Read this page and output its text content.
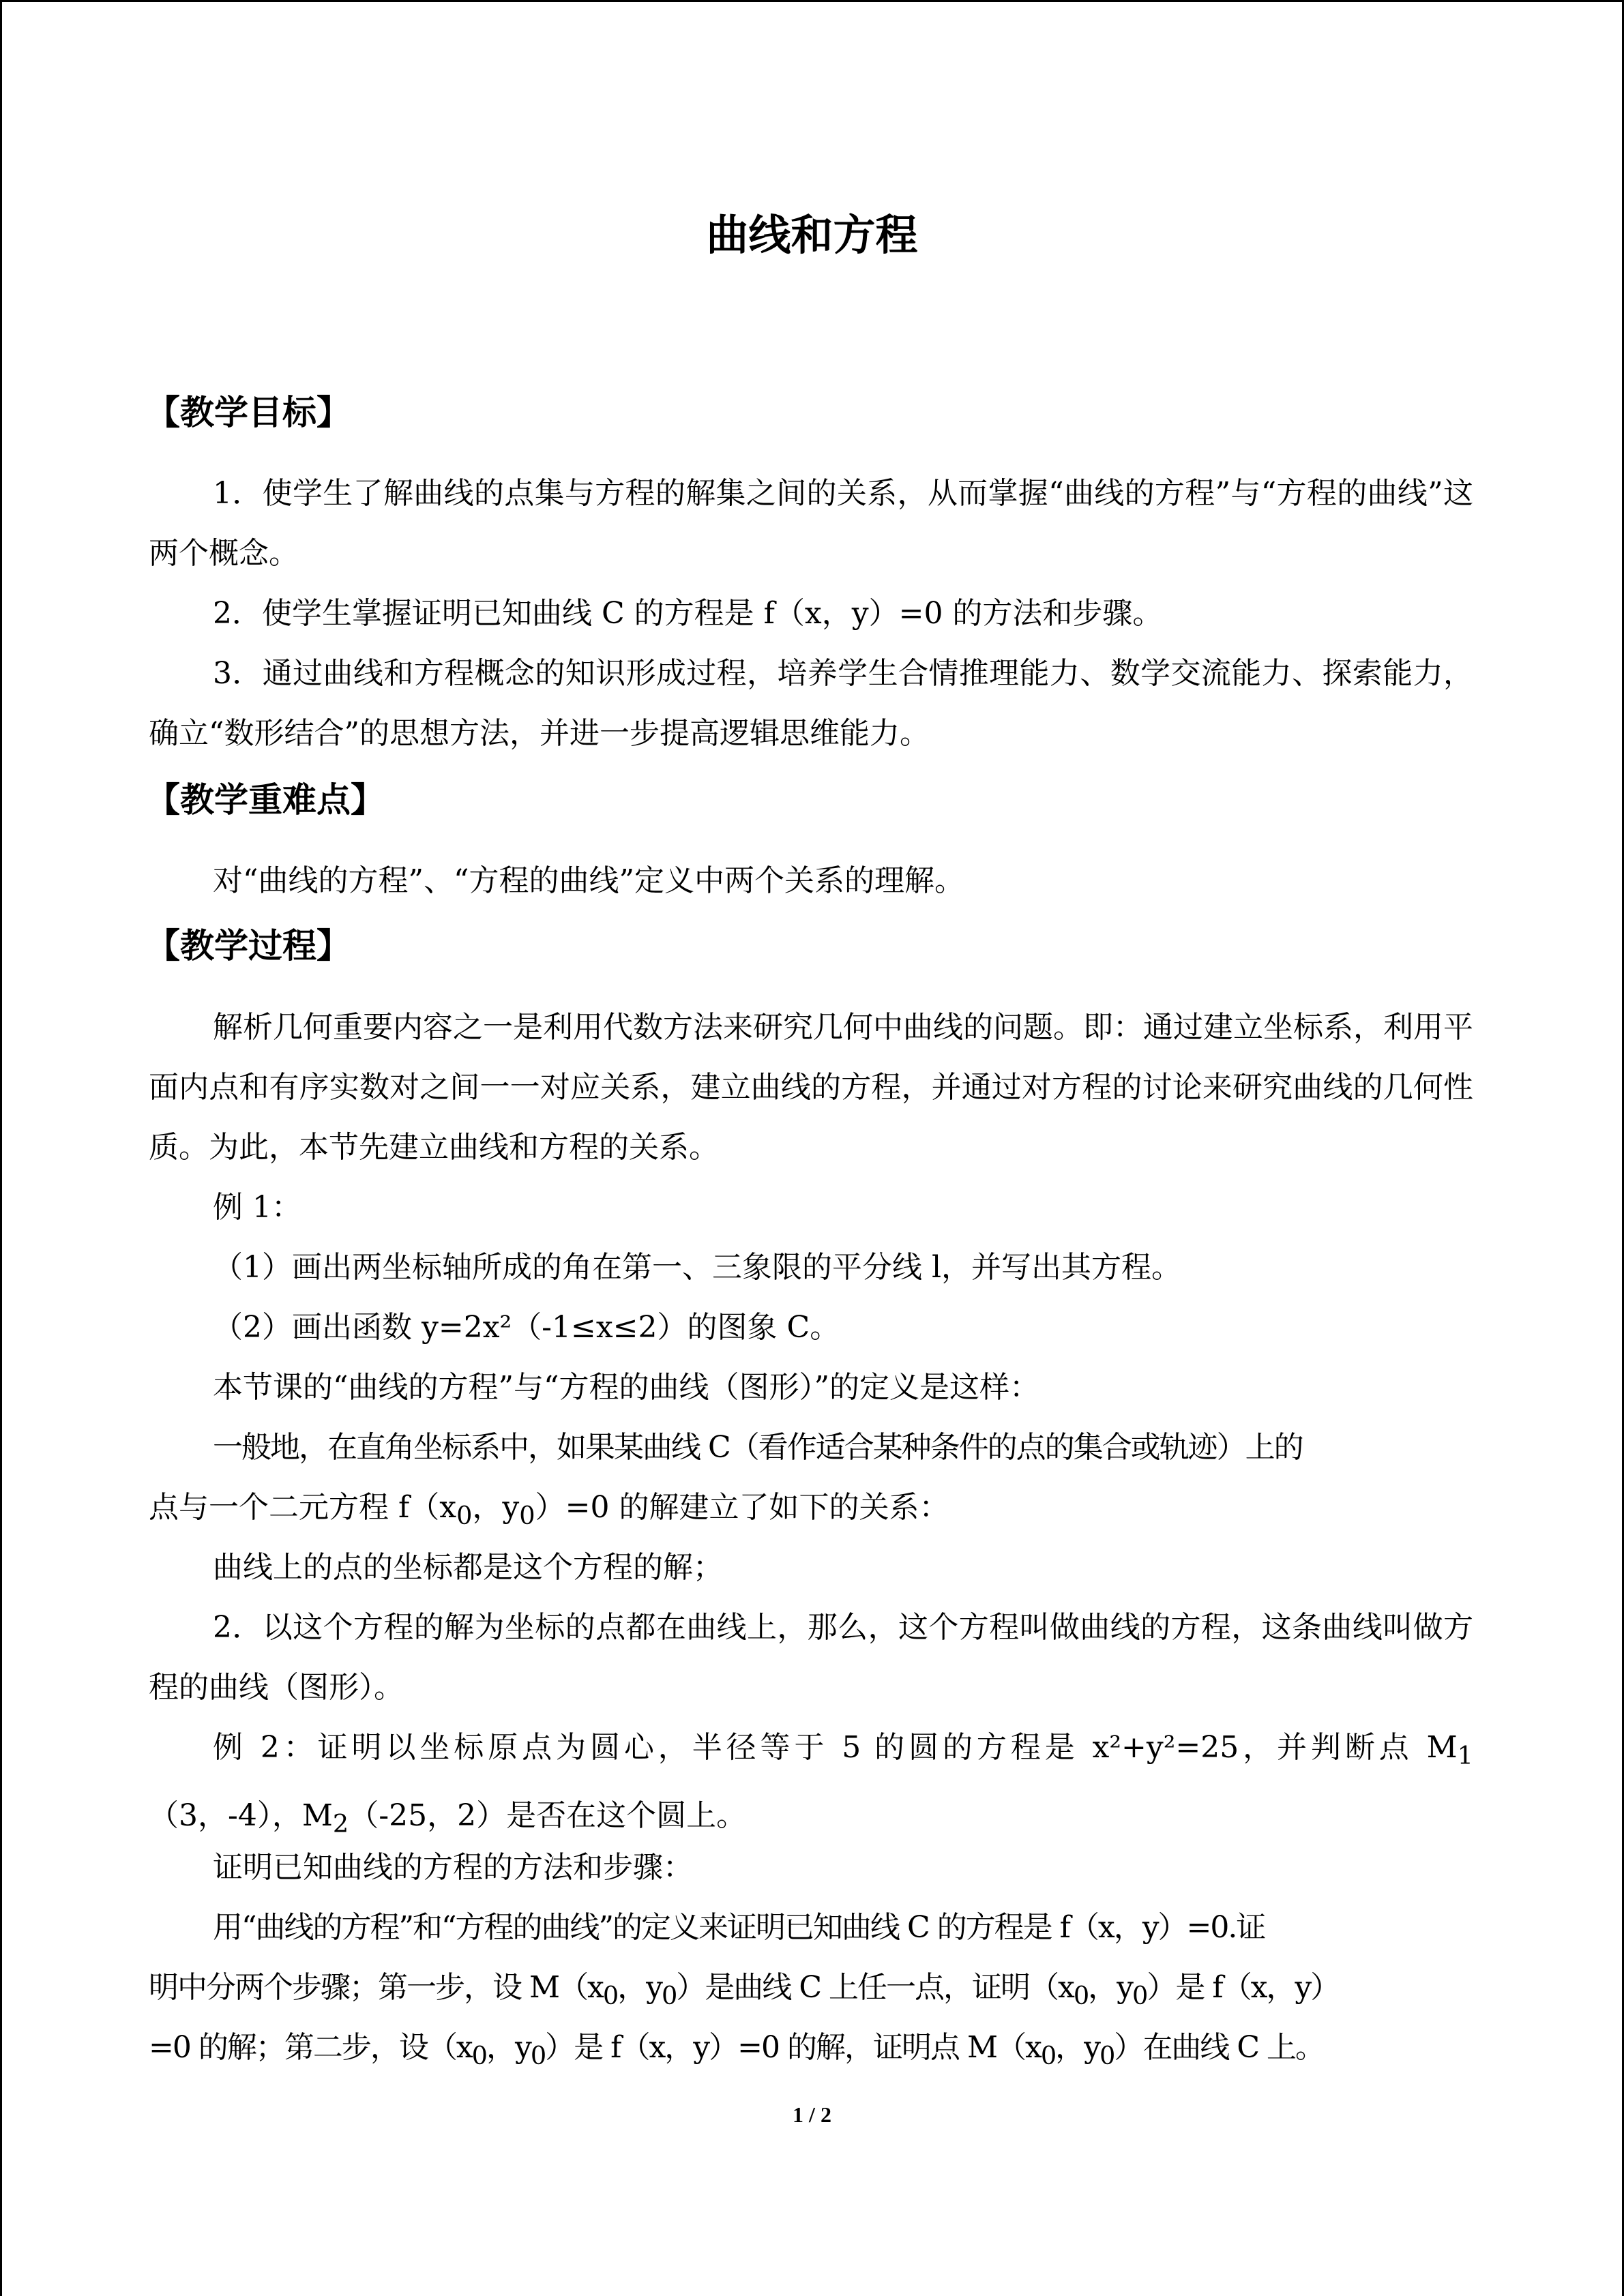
曲线和方程
【教学目标】

1．使学生了解曲线的点集与方程的解集之间的关系，从而掌握“曲线的方程”与“方程的曲线”这两个概念。

2．使学生掌握证明已知曲线 C 的方程是 f（x，y）=0 的方法和步骤。

3．通过曲线和方程概念的知识形成过程，培养学生合情推理能力、数学交流能力、探索能力，确立“数形结合”的思想方法，并进一步提高逻辑思维能力。

【教学重难点】

对“曲线的方程”、“方程的曲线”定义中两个关系的理解。

【教学过程】

解析几何重要内容之一是利用代数方法来研究几何中曲线的问题。即：通过建立坐标系，利用平面内点和有序实数对之间一一对应关系，建立曲线的方程，并通过对方程的讨论来研究曲线的几何性质。为此，本节先建立曲线和方程的关系。

例 1：

（1）画出两坐标轴所成的角在第一、三象限的平分线 l，并写出其方程。

（2）画出函数 y=2x²（-1≤x≤2）的图象 C。

本节课的“曲线的方程”与“方程的曲线（图形）”的定义是这样：

一般地，在直角坐标系中，如果某曲线 C（看作适合某种条件的点的集合或轨迹）上的

点与一个二元方程 $f(x_0$，$y_0)=0$ 的解建立了如下的关系：

曲线上的点的坐标都是这个方程的解；

2．以这个方程的解为坐标的点都在曲线上，那么，这个方程叫做曲线的方程，这条曲线叫做方程的曲线（图形）。

例 2：证明以坐标原点为圆心，半径等于 5 的圆的方程是 x²+y²=25，并判断点 $M_1(3$，-4），$M_2(-25$，2）是否在这个圆上。

证明已知曲线的方程的方法和步骤：

用“曲线的方程”和“方程的曲线”的定义来证明已知曲线 C 的方程是 f（x，y）=0.证

明中分两个步骤；第一步，设 $M(x_0$，$y_0$）是曲线 C 上任一点，证明（$x_0$，$y_0$）是 f（x，y）

=0 的解；第二步，设（$x_0$，$y_0$）是 f（x，y）=0 的解，证明点 $M(x_0$，$y_0$）在曲线 C 上。

1 / 2
